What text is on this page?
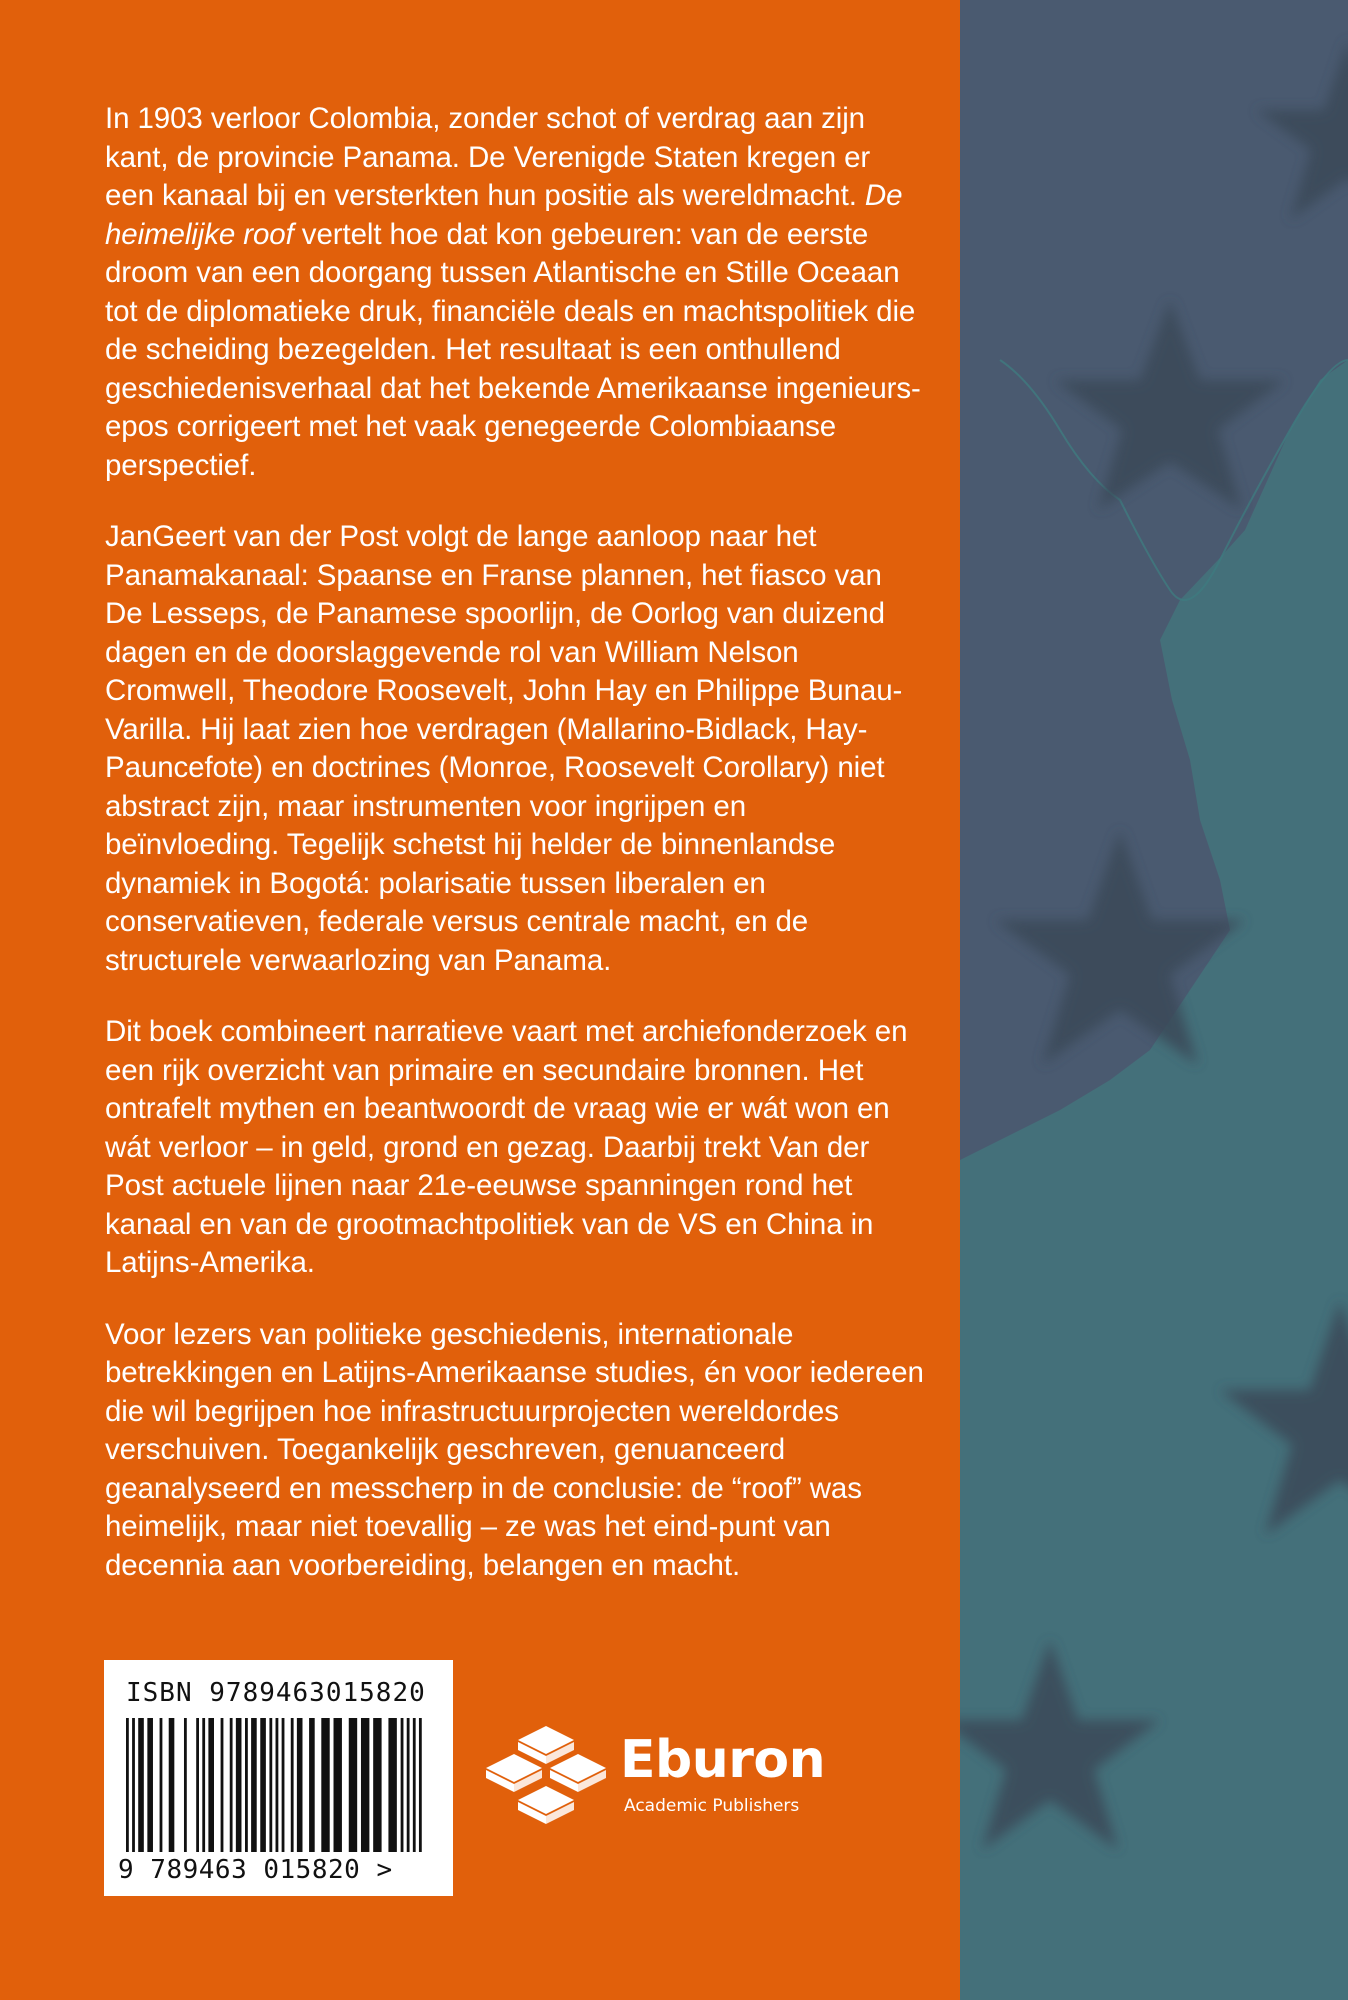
In 1903 verloor Colombia, zonder schot of verdrag aan zijn kant, de provincie Panama. De Verenigde Staten kregen er een kanaal bij en versterkten hun positie als wereldmacht. De heimelijke roof vertelt hoe dat kon gebeuren: van de eerste droom van een doorgang tussen Atlantische en Stille Oceaan tot de diplomatieke druk, financiële deals en machtspolitiek die de scheiding bezegelden. Het resultaat is een onthullend geschiedenisverhaal dat het bekende Amerikaanse ingenieurs-epos corrigeert met het vaak genegeerde Colombiaanse perspectief.

JanGeert van der Post volgt de lange aanloop naar het Panamakanaal: Spaanse en Franse plannen, het fiasco van De Lesseps, de Panamese spoorlijn, de Oorlog van duizend dagen en de doorslaggevende rol van William Nelson Cromwell, Theodore Roosevelt, John Hay en Philippe Bunau-Varilla. Hij laat zien hoe verdragen (Mallarino-Bidlack, Hay-Pauncefote) en doctrines (Monroe, Roosevelt Corollary) niet abstract zijn, maar instrumenten voor ingrijpen en beïnvloeding. Tegelijk schetst hij helder de binnenlandse dynamiek in Bogotá: polarisatie tussen liberalen en conservatieven, federale versus centrale macht, en de structurele verwaarlozing van Panama.

Dit boek combineert narratieve vaart met archiefonderzoek en een rijk overzicht van primaire en secundaire bronnen. Het ontrafelt mythen en beantwoordt de vraag wie er wát won en wát verloor – in geld, grond en gezag. Daarbij trekt Van der Post actuele lijnen naar 21e-eeuwse spanningen rond het kanaal en van de grootmachtpolitiek van de VS en China in Latijns-Amerika.

Voor lezers van politieke geschiedenis, internationale betrekkingen en Latijns-Amerikaanse studies, én voor iedereen die wil begrijpen hoe infrastructuurprojecten wereldordes verschuiven. Toegankelijk geschreven, genuanceerd geanalyseerd en messcherp in de conclusie: de “roof” was heimelijk, maar niet toevallig – ze was het eind-punt van decennia aan voorbereiding, belangen en macht.

ISBN 9789463015820
9 789463 015820 >
Eburon
Academic Publishers
